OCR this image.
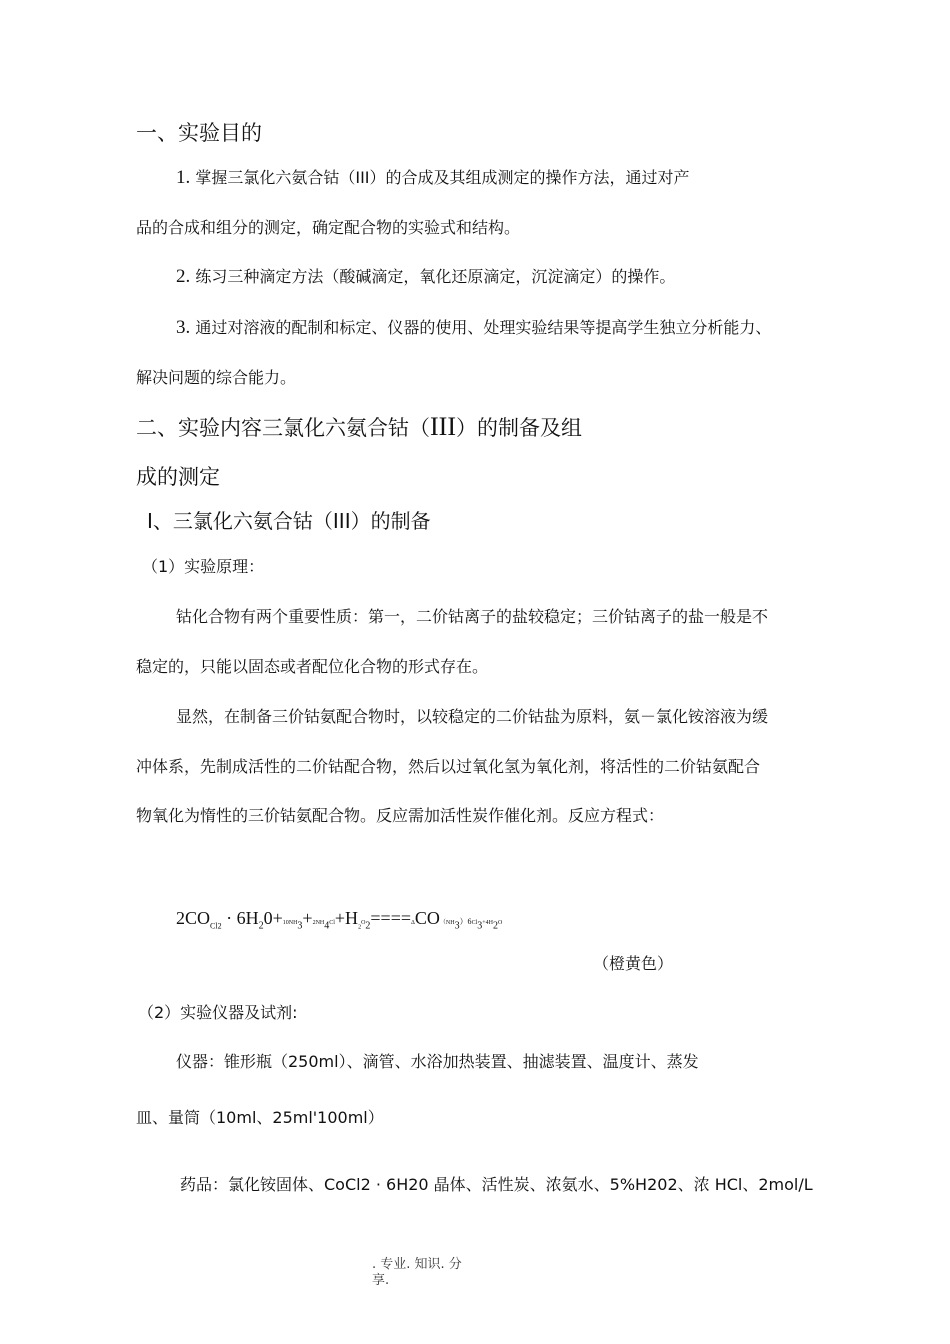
一、实验目的
1. 掌握三氯化六氨合钴（III）的合成及其组成测定的操作方法，通过对产
品的合成和组分的测定，确定配合物的实验式和结构。
2. 练习三种滴定方法（酸碱滴定，氧化还原滴定，沉淀滴定）的操作。
3. 通过对溶液的配制和标定、仪器的使用、处理实验结果等提高学生独立分析能力、
解决问题的综合能力。
二、实验内容三氯化六氨合钴（III）的制备及组
成的测定
I、三氯化六氨合钴（III）的制备
（1）实验原理：
钴化合物有两个重要性质：第一，二价钴离子的盐较稳定；三价钴离子的盐一般是不
稳定的，只能以固态或者配位化合物的形式存在。
显然，在制备三价钴氨配合物时，以较稳定的二价钴盐为原料，氨－氯化铵溶液为缓
冲体系，先制成活性的二价钴配合物，然后以过氧化氢为氧化剂，将活性的二价钴氨配合
物氧化为惰性的三价钴氨配合物。反应需加活性炭作催化剂。反应方程式：
$2CO_{Cl2} \cdot 6H_20+10NH_3+2NH_4Cl+H_2O_2====\Delta CO(NH_3)6Cl_3+4H_2O$
（橙黄色）
（2）实验仪器及试剂:
仪器：锥形瓶（250ml）、滴管、水浴加热装置、抽滤装置、温度计、蒸发
皿、量筒（10ml、25ml'100ml）
药品：氯化铵固体、CoCl2 · 6H20 晶体、活性炭、浓氨水、5%H202、浓 HCl、2mol/L
. 专业. 知识. 分
享.
